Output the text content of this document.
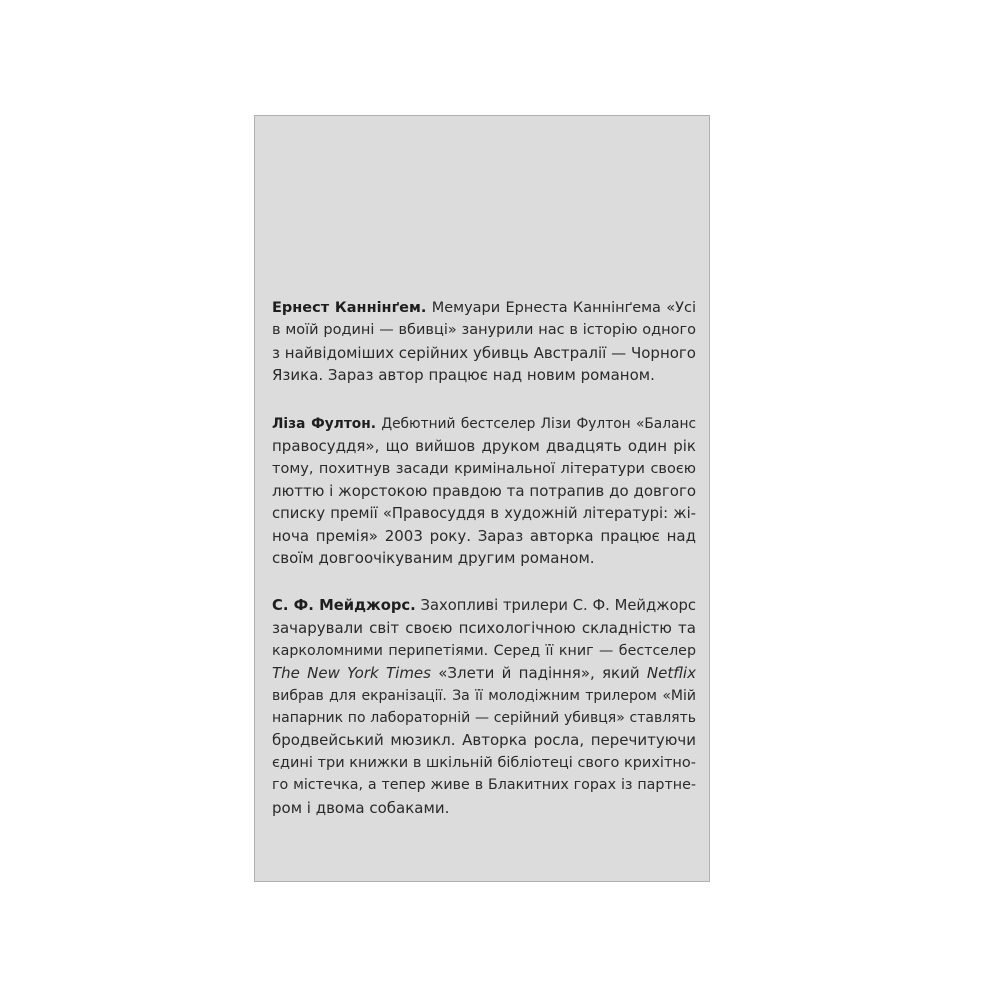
Ернест Каннінґем. Мемуари Ернеста Каннінґема «Усі
в моїй родині — вбивці» занурили нас в історію одного
з найвідоміших серійних убивць Австралії — Чорного
Язика. Зараз автор працює над новим романом.
Ліза Фултон. Дебютний бестселер Лізи Фултон «Баланс
правосуддя», що вийшов друком двадцять один рік
тому, похитнув засади кримінальної літератури своєю
люттю і жорстокою правдою та потрапив до довгого
списку премії «Правосуддя в художній літературі: жі-
ноча премія» 2003 року. Зараз авторка працює над
своїм довгоочікуваним другим романом.
С. Ф. Мейджорс. Захопливі трилери С. Ф. Мейджорс
зачарували світ своєю психологічною складністю та
карколомними перипетіями. Серед її книг — бестселер
The New York Times «Злети й падіння», який Netflix
вибрав для екранізації. За її молодіжним трилером «Мій
напарник по лабораторній — серійний убивця» ставлять
бродвейський мюзикл. Авторка росла, перечитуючи
єдині три книжки в шкільній бібліотеці свого крихітно-
го містечка, а тепер живе в Блакитних горах із партне-
ром і двома собаками.
